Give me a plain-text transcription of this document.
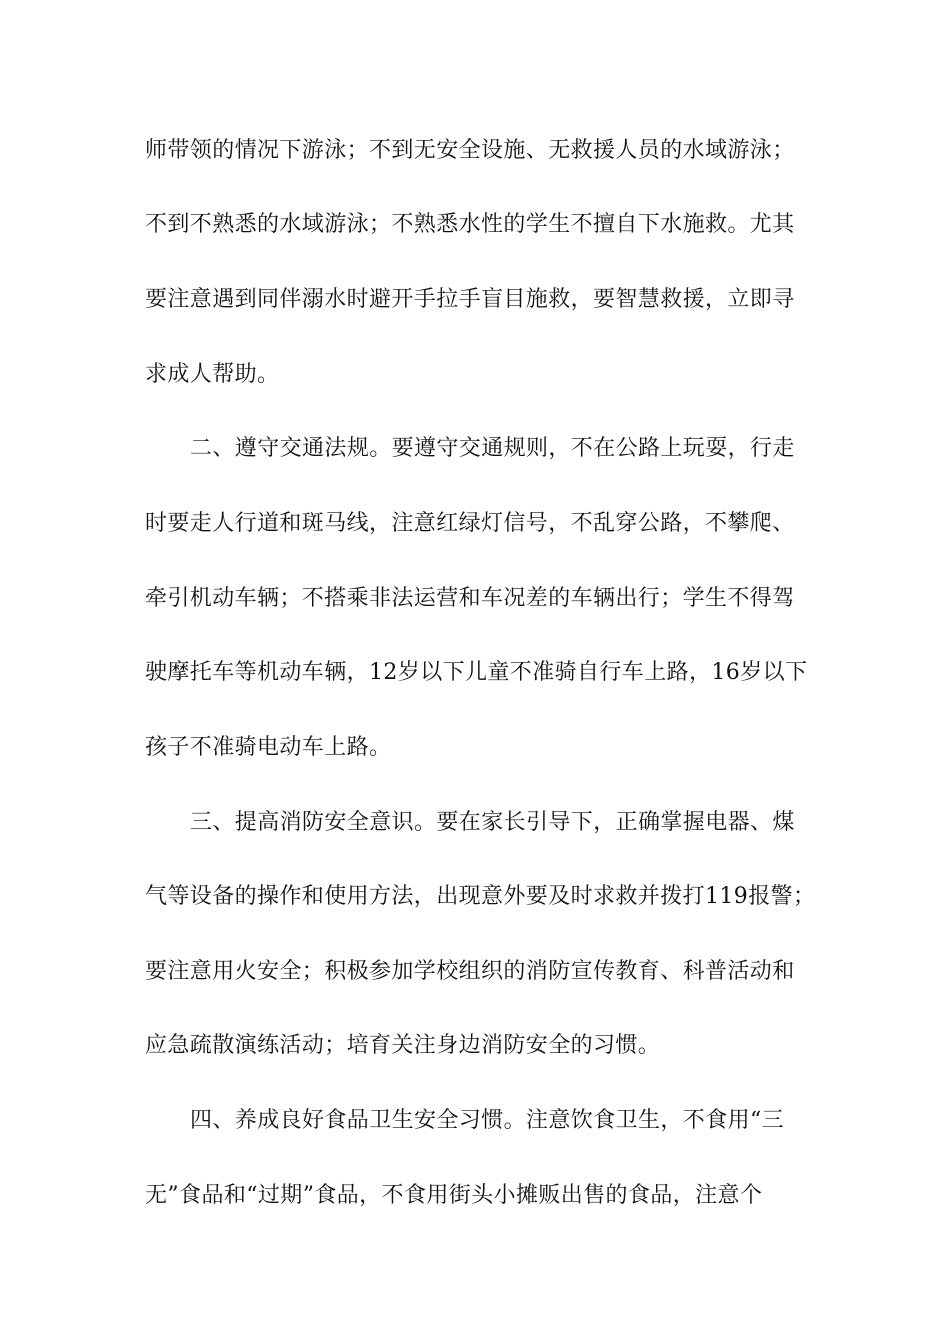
师带领的情况下游泳；不到无安全设施、无救援人员的水域游泳；
不到不熟悉的水域游泳；不熟悉水性的学生不擅自下水施救。尤其
要注意遇到同伴溺水时避开手拉手盲目施救，要智慧救援，立即寻
求成人帮助。
二、遵守交通法规。要遵守交通规则，不在公路上玩耍，行走
时要走人行道和斑马线，注意红绿灯信号，不乱穿公路，不攀爬、
牵引机动车辆；不搭乘非法运营和车况差的车辆出行；学生不得驾
驶摩托车等机动车辆，12岁以下儿童不准骑自行车上路，16岁以下
孩子不准骑电动车上路。
三、提高消防安全意识。要在家长引导下，正确掌握电器、煤
气等设备的操作和使用方法，出现意外要及时求救并拨打119报警；
要注意用火安全；积极参加学校组织的消防宣传教育、科普活动和
应急疏散演练活动；培育关注身边消防安全的习惯。
四、养成良好食品卫生安全习惯。注意饮食卫生，不食用“三
无”食品和“过期”食品，不食用街头小摊贩出售的食品，注意个
